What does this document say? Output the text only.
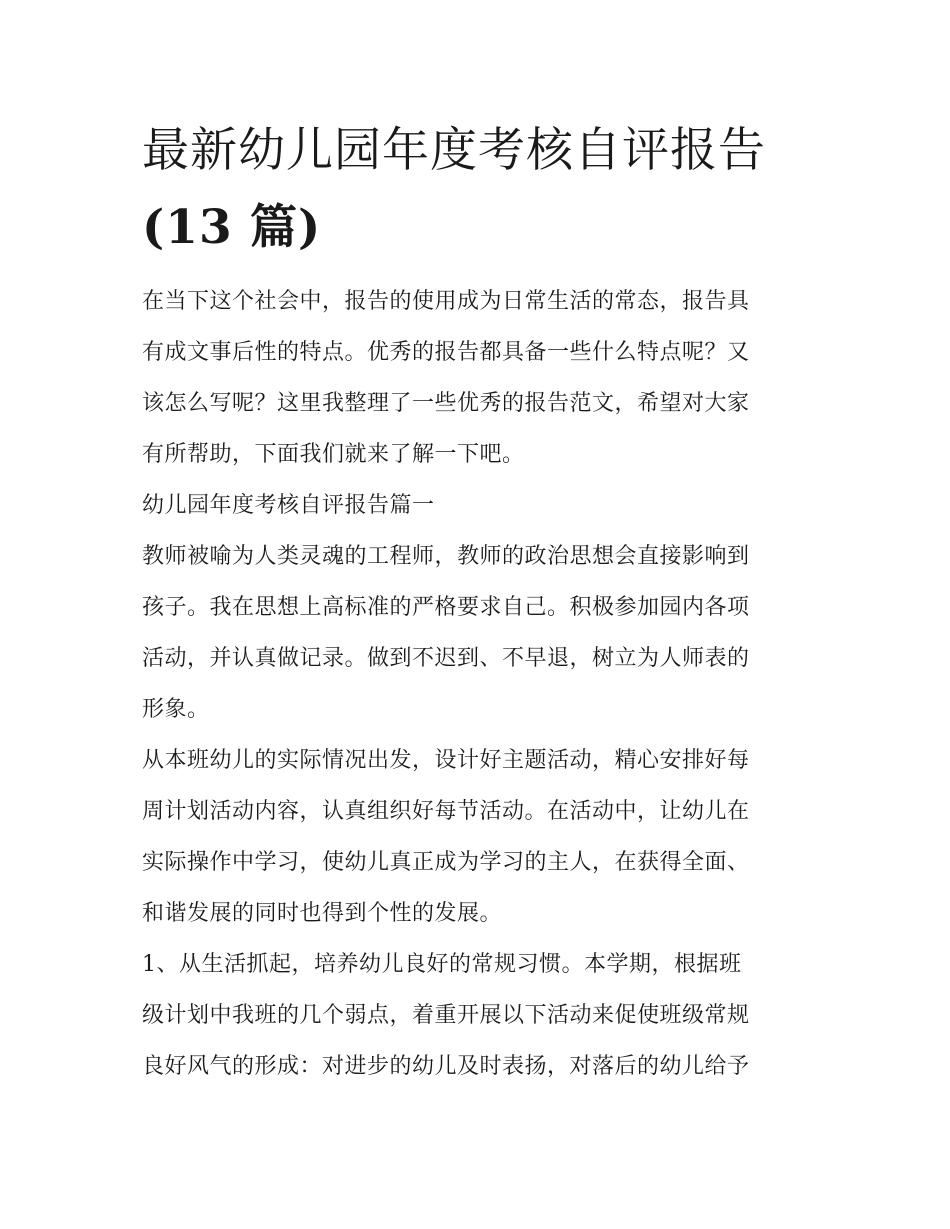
最新幼儿园年度考核自评报告
(13 篇)

在当下这个社会中，报告的使用成为日常生活的常态，报告具
有成文事后性的特点。优秀的报告都具备一些什么特点呢？又
该怎么写呢？这里我整理了一些优秀的报告范文，希望对大家
有所帮助，下面我们就来了解一下吧。

幼儿园年度考核自评报告篇一

教师被喻为人类灵魂的工程师，教师的政治思想会直接影响到
孩子。我在思想上高标准的严格要求自己。积极参加园内各项
活动，并认真做记录。做到不迟到、不早退，树立为人师表的
形象。

从本班幼儿的实际情况出发，设计好主题活动，精心安排好每
周计划活动内容，认真组织好每节活动。在活动中，让幼儿在
实际操作中学习，使幼儿真正成为学习的主人，在获得全面、
和谐发展的同时也得到个性的发展。

1、从生活抓起，培养幼儿良好的常规习惯。本学期，根据班
级计划中我班的几个弱点，着重开展以下活动来促使班级常规
良好风气的形成：对进步的幼儿及时表扬，对落后的幼儿给予
